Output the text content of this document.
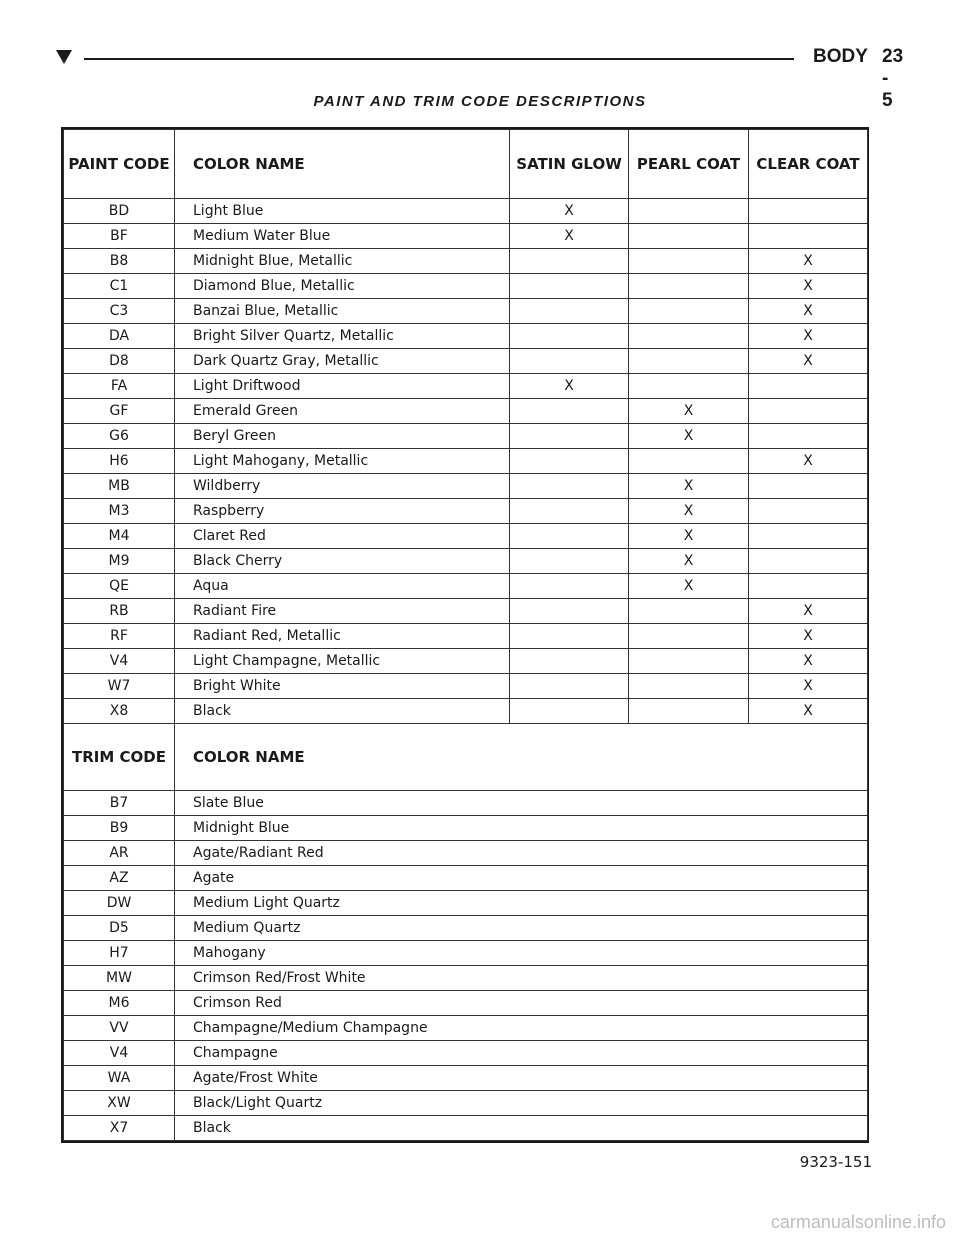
BODY 23 - 5
PAINT AND TRIM CODE DESCRIPTIONS
PAINT CODE	COLOR NAME	SATIN GLOW	PEARL COAT	CLEAR COAT
BD	Light Blue	X		
BF	Medium Water Blue	X		
B8	Midnight Blue, Metallic			X
C1	Diamond Blue, Metallic			X
C3	Banzai Blue, Metallic			X
DA	Bright Silver Quartz, Metallic			X
D8	Dark Quartz Gray, Metallic			X
FA	Light Driftwood	X		
GF	Emerald Green		X	
G6	Beryl Green		X	
H6	Light Mahogany, Metallic			X
MB	Wildberry		X	
M3	Raspberry		X	
M4	Claret Red		X	
M9	Black Cherry		X	
QE	Aqua		X	
RB	Radiant Fire			X
RF	Radiant Red, Metallic			X
V4	Light Champagne, Metallic			X
W7	Bright White			X
X8	Black			X
TRIM CODE	COLOR NAME			
B7	Slate Blue			
B9	Midnight Blue			
AR	Agate/Radiant Red			
AZ	Agate			
DW	Medium Light Quartz			
D5	Medium Quartz			
H7	Mahogany			
MW	Crimson Red/Frost White			
M6	Crimson Red			
VV	Champagne/Medium Champagne			
V4	Champagne			
WA	Agate/Frost White			
XW	Black/Light Quartz			
X7	Black			
9323-151
carmanualsonline.info
